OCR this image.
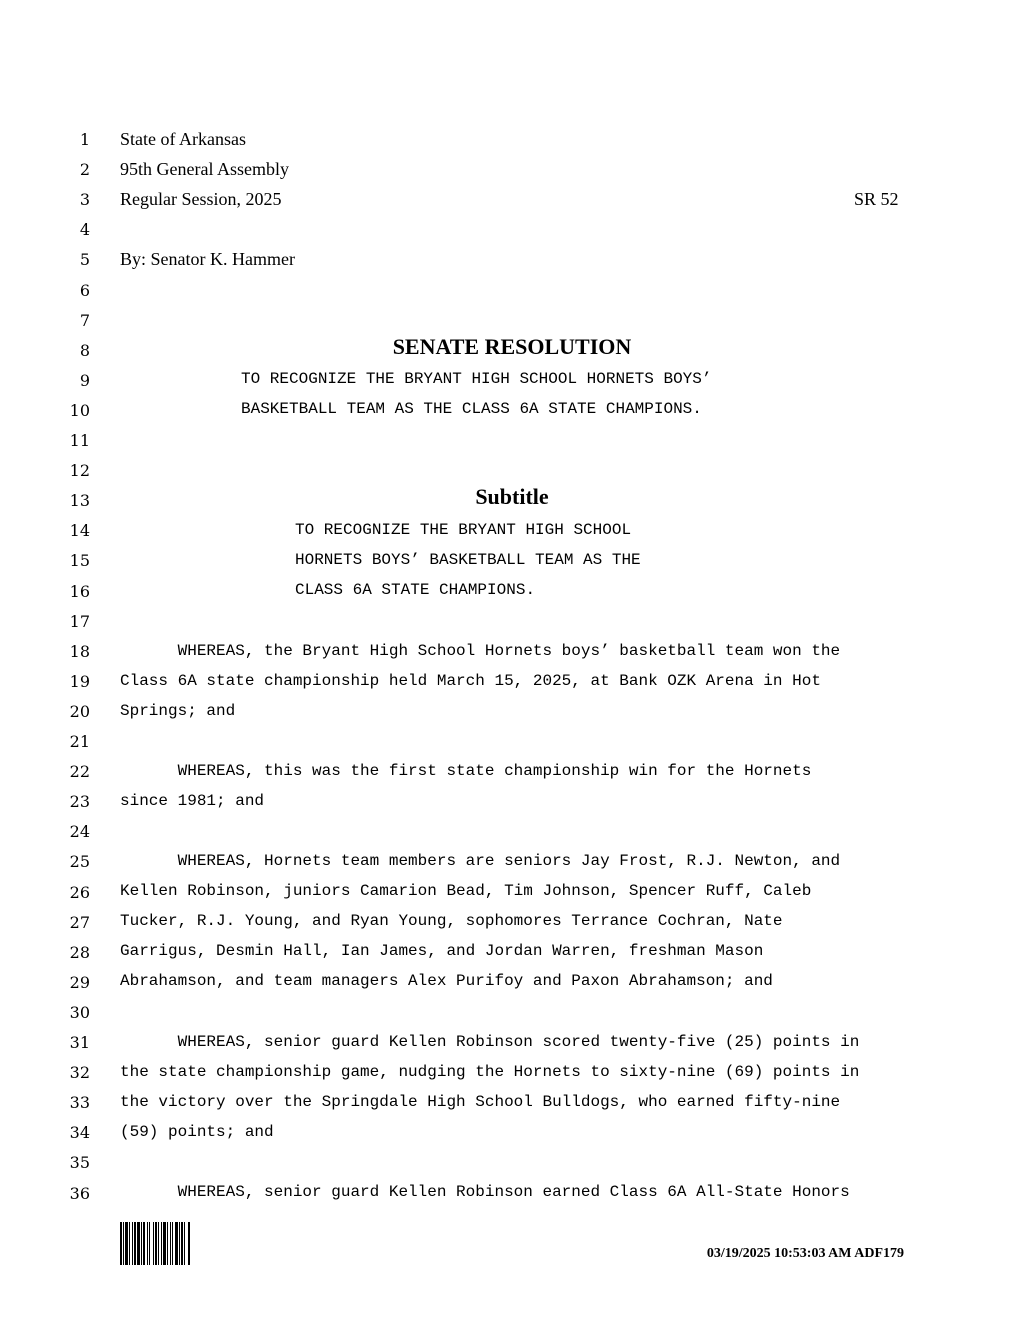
1
2
3
4
5
6
7
8
9
10
11
12
13
14
15
16
17
18
19
20
21
22
23
24
25
26
27
28
29
30
31
32
33
34
35
36
State of Arkansas
95th General Assembly
Regular Session, 2025	SR 52
By: Senator K. Hammer
SENATE RESOLUTION
TO RECOGNIZE THE BRYANT HIGH SCHOOL HORNETS BOYS’
BASKETBALL TEAM AS THE CLASS 6A STATE CHAMPIONS.
Subtitle
TO RECOGNIZE THE BRYANT HIGH SCHOOL
HORNETS BOYS’ BASKETBALL TEAM AS THE
CLASS 6A STATE CHAMPIONS.
WHEREAS, the Bryant High School Hornets boys’ basketball team won the
Class 6A state championship held March 15, 2025, at Bank OZK Arena in Hot
Springs; and
WHEREAS, this was the first state championship win for the Hornets
since 1981; and
WHEREAS, Hornets team members are seniors Jay Frost, R.J. Newton, and
Kellen Robinson, juniors Camarion Bead, Tim Johnson, Spencer Ruff, Caleb
Tucker, R.J. Young, and Ryan Young, sophomores Terrance Cochran, Nate
Garrigus, Desmin Hall, Ian James, and Jordan Warren, freshman Mason
Abrahamson, and team managers Alex Purifoy and Paxon Abrahamson; and
WHEREAS, senior guard Kellen Robinson scored twenty-five (25) points in
the state championship game, nudging the Hornets to sixty-nine (69) points in
the victory over the Springdale High School Bulldogs, who earned fifty-nine
(59) points; and
WHEREAS, senior guard Kellen Robinson earned Class 6A All-State Honors
03/19/2025 10:53:03 AM ADF179
